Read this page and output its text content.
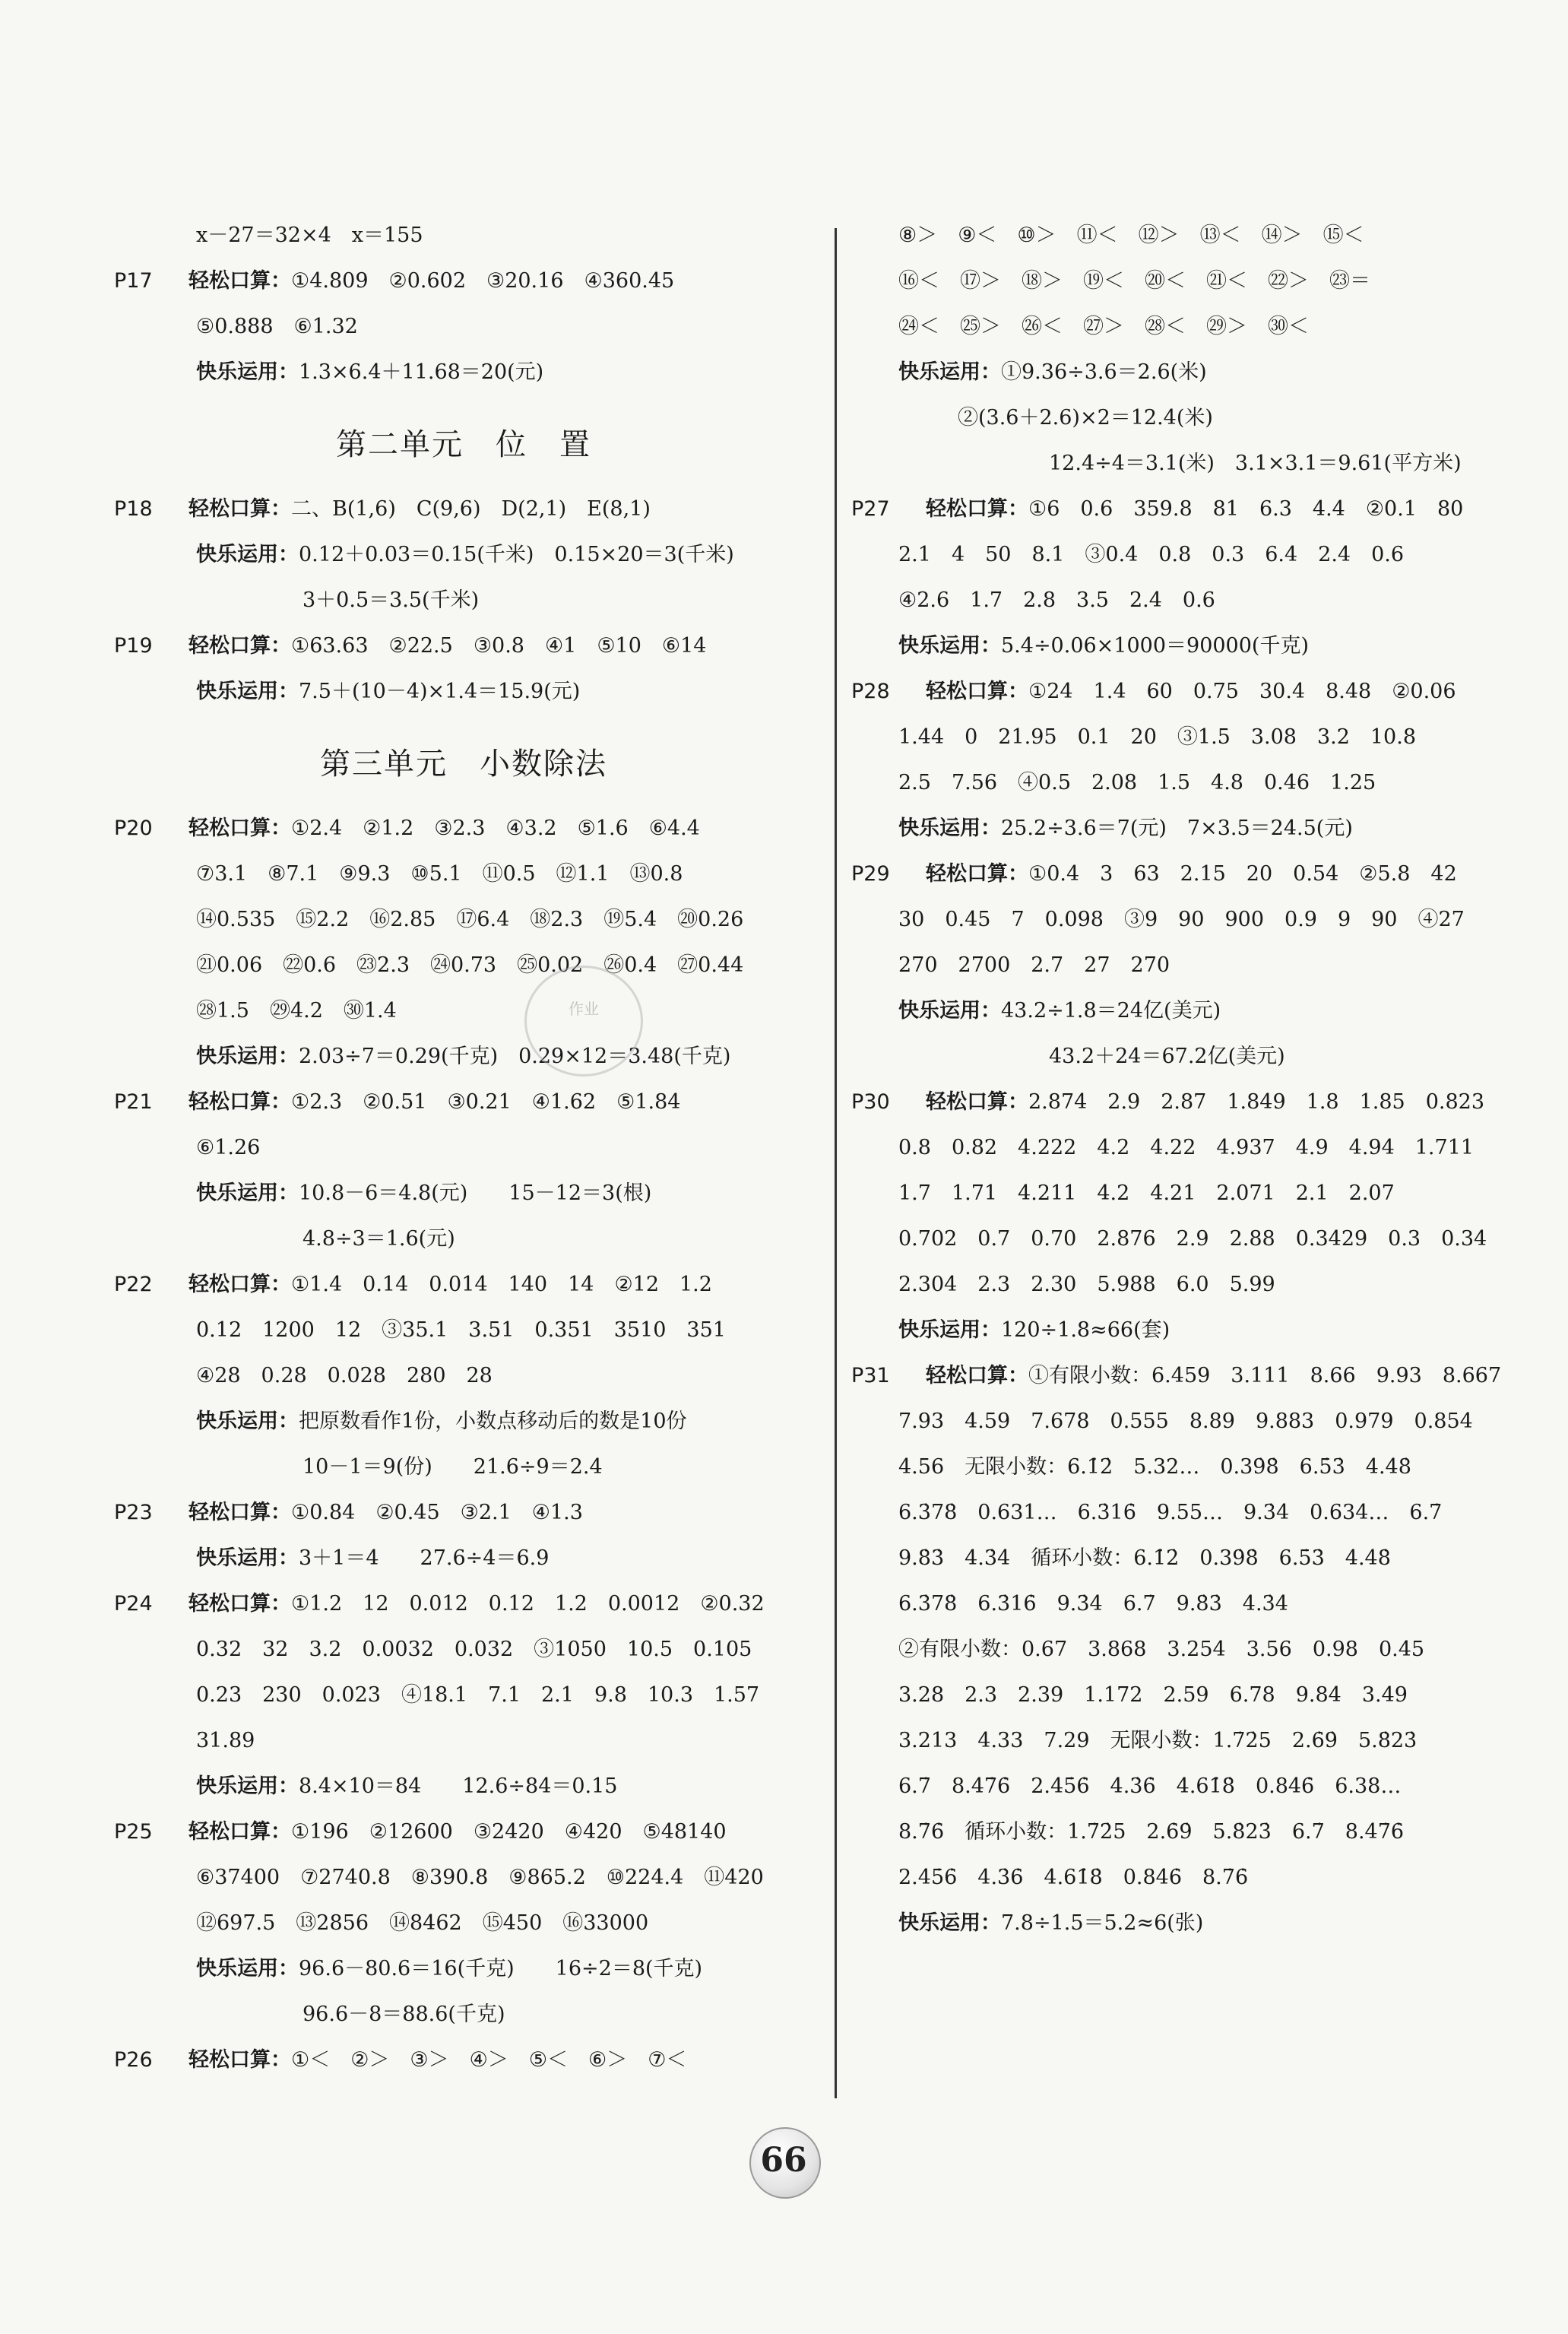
x－27＝32×4　x＝155
P17 轻松口算：①4.809　②0.602　③20.16　④360.45
⑤0.888　⑥1.32
快乐运用：1.3×6.4＋11.68＝20(元)
第二单元　位　置
P18 轻松口算：二、B(1,6)　C(9,6)　D(2,1)　E(8,1)
快乐运用：0.12＋0.03＝0.15(千米)　0.15×20＝3(千米)
3＋0.5＝3.5(千米)
P19 轻松口算：①63.63　②22.5　③0.8　④1　⑤10　⑥14
快乐运用：7.5＋(10－4)×1.4＝15.9(元)
第三单元　小数除法
P20 轻松口算：①2.4　②1.2　③2.3　④3.2　⑤1.6　⑥4.4
⑦3.1　⑧7.1　⑨9.3　⑩5.1　⑪0.5　⑫1.1　⑬0.8
⑭0.535　⑮2.2　⑯2.85　⑰6.4　⑱2.3　⑲5.4　⑳0.26
㉑0.06　㉒0.6　㉓2.3　㉔0.73　㉕0.02　㉖0.4　㉗0.44
㉘1.5　㉙4.2　㉚1.4
快乐运用：2.03÷7＝0.29(千克)　0.29×12＝3.48(千克)
P21 轻松口算：①2.3　②0.51　③0.21　④1.62　⑤1.84
⑥1.26
快乐运用：10.8－6＝4.8(元)　　15－12＝3(根)
4.8÷3＝1.6(元)
P22 轻松口算：①1.4　0.14　0.014　140　14　②12　1.2
0.12　1200　12　③35.1　3.51　0.351　3510　351
④28　0.28　0.028　280　28
快乐运用：把原数看作1份，小数点移动后的数是10份
10－1＝9(份)　　21.6÷9＝2.4
P23 轻松口算：①0.84　②0.45　③2.1　④1.3
快乐运用：3＋1＝4　　27.6÷4＝6.9
P24 轻松口算：①1.2　12　0.012　0.12　1.2　0.0012　②0.32
0.32　32　3.2　0.0032　0.032　③1050　10.5　0.105
0.23　230　0.023　④18.1　7.1　2.1　9.8　10.3　1.57
31.89
快乐运用：8.4×10＝84　　12.6÷84＝0.15
P25 轻松口算：①196　②12600　③2420　④420　⑤48140
⑥37400　⑦2740.8　⑧390.8　⑨865.2　⑩224.4　⑪420
⑫697.5　⑬2856　⑭8462　⑮450　⑯33000
快乐运用：96.6－80.6＝16(千克)　　16÷2＝8(千克)
96.6－8＝88.6(千克)
P26 轻松口算：①＜　②＞　③＞　④＞　⑤＜　⑥＞　⑦＜
⑧＞　⑨＜　⑩＞　⑪＜　⑫＞　⑬＜　⑭＞　⑮＜
⑯＜　⑰＞　⑱＞　⑲＜　⑳＜　㉑＜　㉒＞　㉓＝
㉔＜　㉕＞　㉖＜　㉗＞　㉘＜　㉙＞　㉚＜
快乐运用：①9.36÷3.6＝2.6(米)
②(3.6＋2.6)×2＝12.4(米)
12.4÷4＝3.1(米)　3.1×3.1＝9.61(平方米)
P27 轻松口算：①6　0.6　359.8　81　6.3　4.4　②0.1　80
2.1　4　50　8.1　③0.4　0.8　0.3　6.4　2.4　0.6
④2.6　1.7　2.8　3.5　2.4　0.6
快乐运用：5.4÷0.06×1000＝90000(千克)
P28 轻松口算：①24　1.4　60　0.75　30.4　8.48　②0.06
1.44　0　21.95　0.1　20　③1.5　3.08　3.2　10.8
2.5　7.56　④0.5　2.08　1.5　4.8　0.46　1.25
快乐运用：25.2÷3.6＝7(元)　7×3.5＝24.5(元)
P29 轻松口算：①0.4　3　63　2.15　20　0.54　②5.8　42
30　0.45　7　0.098　③9　90　900　0.9　9　90　④27
270　2700　2.7　27　270
快乐运用：43.2÷1.8＝24亿(美元)
43.2＋24＝67.2亿(美元)
P30 轻松口算：2.874　2.9　2.87　1.849　1.8　1.85　0.823
0.8　0.82　4.222　4.2　4.22　4.937　4.9　4.94　1.711
1.7　1.71　4.211　4.2　4.21　2.071　2.1　2.07
0.702　0.7　0.70　2.876　2.9　2.88　0.3429　0.3　0.34
2.304　2.3　2.30　5.988　6.0　5.99
快乐运用：120÷1.8≈66(套)
P31 轻松口算：①有限小数：6.459　3.111　8.66　9.93　8.667
7.93　4.59　7.678　0.555　8.89　9.883　0.979　0.854
4.56　无限小数：6.1̇2̇　5.32…　0.39̇8̇　6.5̇3̇　4.4̇8̇
6.3̇78̇　0.631…　6.3̇16̇　9.55…　9.3̇4̇　0.634…　6.7̇
9.8̇3̇　4.3̇4̇　循环小数：6.1̇2̇　0.39̇8̇　6.5̇3̇　4.4̇8̇
6.3̇78̇　6.3̇16̇　9.3̇4̇　6.7̇　9.8̇3̇　4.3̇4̇
②有限小数：0.67　3.868　3.254　3.56　0.98　0.45
3.28　2.3　2.39　1.172　2.59　6.78　9.84　3.49
3.213　4.33　7.29　无限小数：1.7̇2̇5　2.6̇9̇　5.8̇23̇
6.7̇　8.47̇6̇　2.45̇6̇　4.3̇6̇　4.61̇8̇　0.84̇6̇　6.38…
8.7̇6̇　循环小数：1.7̇2̇5　2.6̇9̇　5.8̇23̇　6.7̇　8.47̇6̇
2.45̇6̇　4.3̇6̇　4.61̇8̇　0.84̇6̇　8.7̇6̇
快乐运用：7.8÷1.5＝5.2≈6(张)
作业
66
